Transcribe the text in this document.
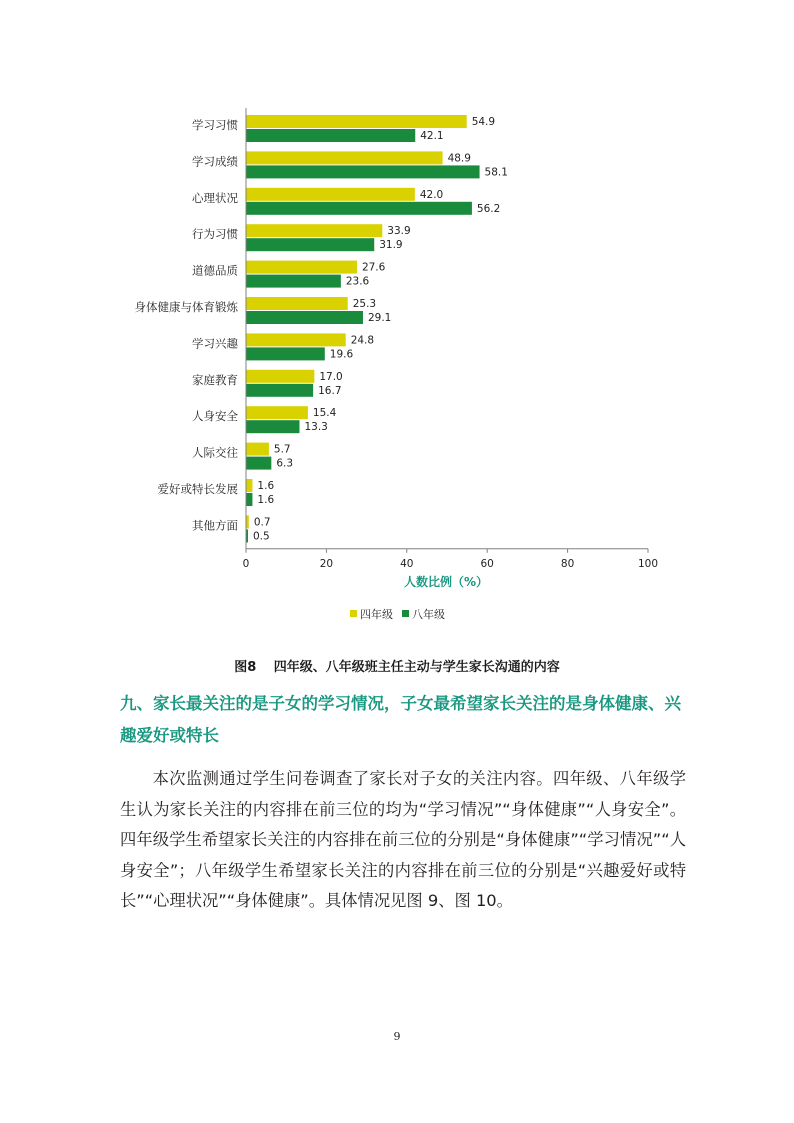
学习习惯
学习成绩
心理状况
行为习惯
道德品质
身体健康与体育锻炼
学习兴趣
家庭教育
人身安全
人际交往
爱好或特长发展
其他方面
54.9
42.1
48.9
58.1
42.0
56.2
33.9
31.9
27.6
23.6
25.3
29.1
24.8
19.6
17.0
16.7
15.4
13.3
5.7
6.3
1.6
1.6
0.7
0.5
0	20	40	60	80	100
人数比例（%）
四年级 八年级
图8　 四年级、八年级班主任主动与学生家长沟通的内容
九、家长最关注的是子女的学习情况，子女最希望家长关注的是身体健康、兴趣爱好或特长

本次监测通过学生问卷调查了家长对子女的关注内容。四年级、八年级学生认为家长关注的内容排在前三位的均为“学习情况”“身体健康”“人身安全”。四年级学生希望家长关注的内容排在前三位的分别是“身体健康”“学习情况”“人身安全”；八年级学生希望家长关注的内容排在前三位的分别是“兴趣爱好或特长”“心理状况”“身体健康”。具体情况见图 9、图 10。

9
